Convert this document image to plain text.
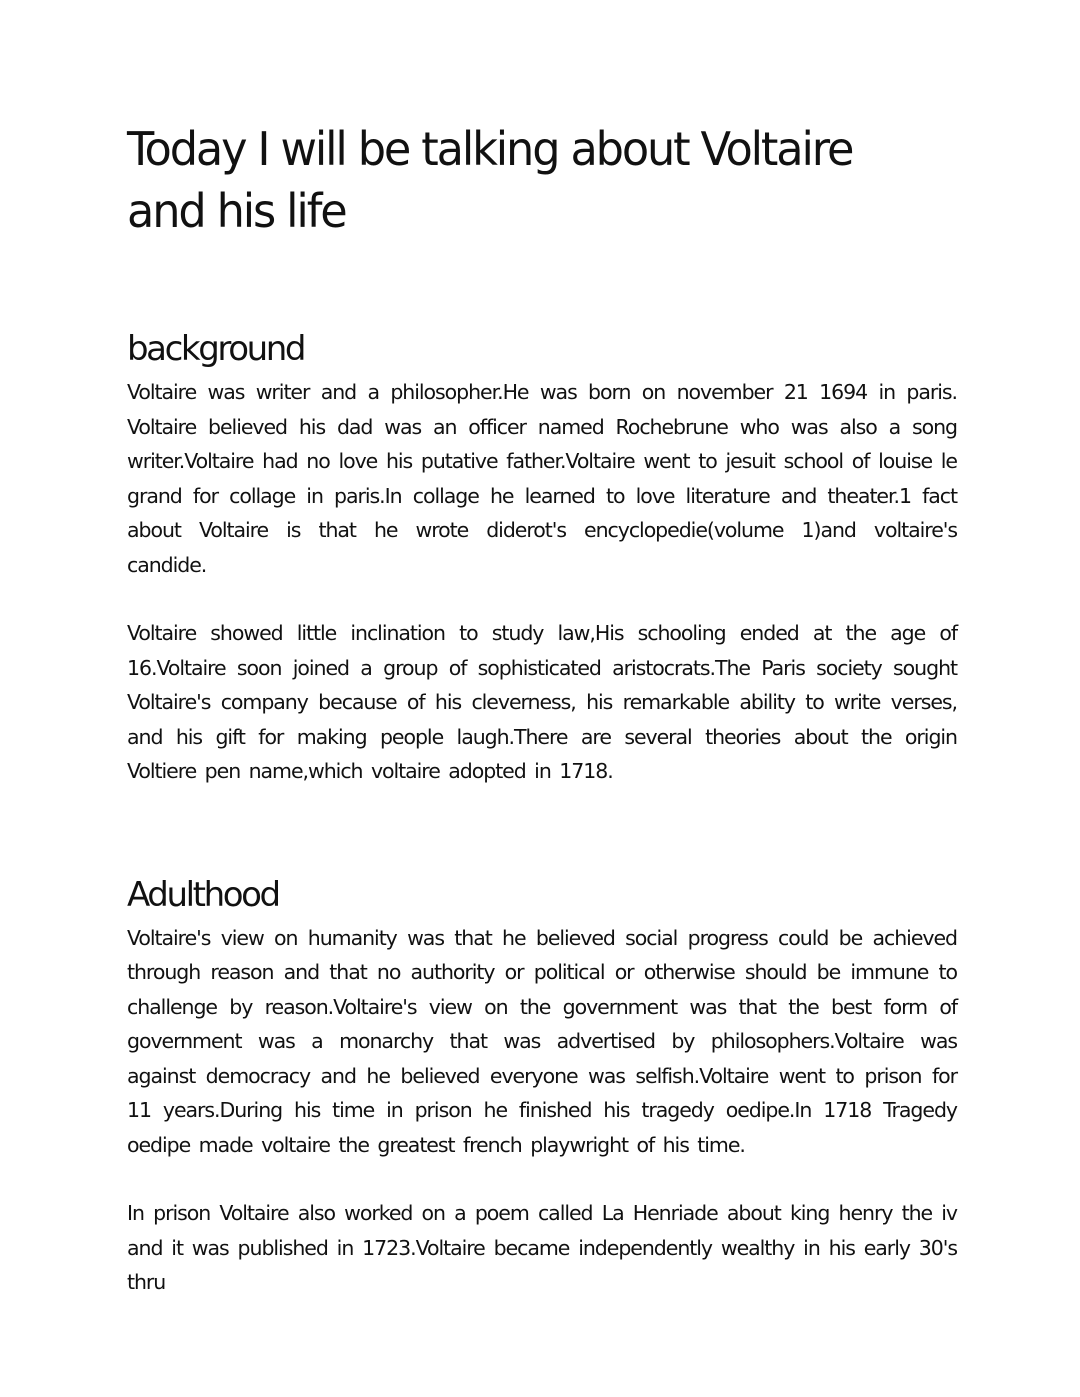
Today I will be talking about Voltaire and his life
background

Voltaire was writer and a philosopher.He was born on november 21 1694 in paris. Voltaire believed his dad was an officer named Rochebrune who was also a song writer.Voltaire had no love his putative father.Voltaire went to jesuit school of louise le grand for collage in paris.In collage he learned to love literature and theater.1 fact about Voltaire is that he wrote diderot's encyclopedie(volume 1)and voltaire's candide.

Voltaire showed little inclination to study law,His schooling ended at the age of 16.Voltaire soon joined a group of sophisticated aristocrats.The Paris society sought Voltaire's company because of his cleverness, his remarkable ability to write verses, and his gift for making people laugh.There are several theories about the origin Voltiere pen name,which voltaire adopted in 1718.

Adulthood

Voltaire's view on humanity was that he believed social progress could be achieved through reason and that no authority or political or otherwise should be immune to challenge by reason.Voltaire's view on the government was that the best form of government was a monarchy that was advertised by philosophers.Voltaire was against democracy and he believed everyone was selfish.Voltaire went to prison for 11 years.During his time in prison he finished his tragedy oedipe.In 1718 Tragedy oedipe made voltaire the greatest french playwright of his time.

In prison Voltaire also worked on a poem called La Henriade about king henry the iv and it was published in 1723.Voltaire became independently wealthy in his early 30's thru
